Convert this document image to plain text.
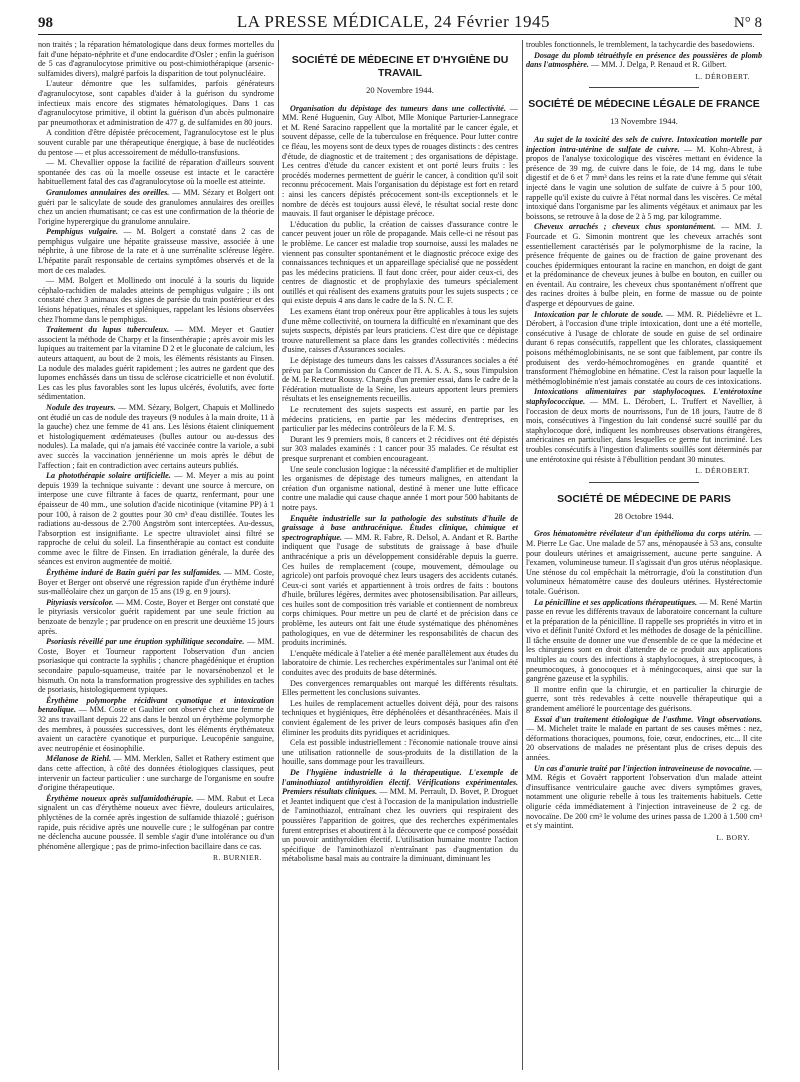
98	LA PRESSE MÉDICALE, 24 Février 1945	N° 8

non traités ; la réparation hématologique dans deux formes mortelles du fait d'une hépato-néphrite et d'une endocardite d'Osler ; enfin la guérison de 5 cas d'agranulocytose primitive ou post-chimiothérapique (arsenic-sulfamides divers), malgré parfois la disparition de tout polynucléaire.

L'auteur démontre que les sulfamides, parfois générateurs d'agranulocytose, sont capables d'aider à la guérison du syndrome infectieux mais encore des stigmates hématologiques. Dans 1 cas d'agranulocytose primitive, il obtint la guérison d'un abcès pulmonaire par pneumothorax et administration de 477 g. de sulfamides en 80 jours.

A condition d'être dépistée précocement, l'agranulocytose est le plus souvent curable par une thérapeutique énergique, à base de nucléotides du pentose — et plus accessoirement de médullo-transfusions.

— M. Chevallier oppose la facilité de réparation d'ailleurs souvent spontanée des cas où la moelle osseuse est intacte et le caractère habituellement fatal des cas d'agranulocytose où la moelle est atteinte.

Granulomes annulaires des oreilles. — MM. Sézary et Bolgert ont guéri par le salicylate de soude des granulomes annulaires des oreilles chez un ancien rhumatisant; ce cas est une confirmation de la théorie de l'origine hyperergique du granulome annulaire.

Pemphigus vulgaire. — M. Bolgert a constaté dans 2 cas de pemphigus vulgaire une hépatite graisseuse massive, associée à une néphrite, à une fibrose de la rate et à une surrénalite scléreuse légère. L'hépatite paraît responsable de certains symptômes observés et de la mort de ces malades.

— MM. Bolgert et Mollinedo ont inoculé à la souris du liquide céphalo-rachidien de malades atteints de pemphigus vulgaire ; ils ont constaté chez 3 animaux des signes de parésie du train postérieur et des lésions hépatiques, rénales et spléniques, rappelant les lésions observées chez l'homme dans le pemphigus.

Traitement du lupus tuberculeux. — MM. Meyer et Gautier associent la méthode de Charpy et la finsenthérapie ; après avoir mis les lupiques au traitement par la vitamine D 2 et le gluconate de calcium, les auteurs attaquent, au bout de 2 mois, les éléments résistants au Finsen. La nodule des malades guérit rapidement ; les autres ne gardent que des lupomes enchâssés dans un tissu de sclérose cicatricielle et non évolutif. Les cas les plus favorables sont les lupus ulcérés, évolutifs, avec forte sédimentation.

Nodule des trayeurs. — MM. Sézary, Bolgert, Chapuis et Mollinedo ont étudié un cas de nodule des trayeurs (9 nodules à la main droite, 11 à la gauche) chez une femme de 41 ans. Les lésions étaient cliniquement et histologiquement œdémateuses (bulles autour ou au-dessus des nodules). La malade, qui n'a jamais été vaccinée contre la variole, a subi avec succès la vaccination jennérienne un mois après le début de l'affection ; fait en contradiction avec certains auteurs publiés.

La photothérapie solaire artificielle. — M. Meyer a mis au point depuis 1939 la technique suivante : devant une source à mercure, on interpose une cuve filtrante à faces de quartz, renfermant, pour une épaisseur de 40 mm., une solution d'acide nicotinique (vitamine PP) à 1 pour 100, à raison de 2 gouttes pour 30 cm³ d'eau distillée. Toutes les radiations au-dessous de 2.700 Angström sont interceptées. Au-dessus, l'absorption est insignifiante. Le spectre ultraviolet ainsi filtré se rapproche de celui du soleil. La finsenthérapie au contact est conduite comme avec le filtre de Finsen. En irradiation générale, la durée des séances est environ augmentée de moitié.

Érythème induré de Bazin guéri par les sulfamides. — MM. Coste, Boyer et Berger ont observé une régression rapide d'un érythème induré sus-malléolaire chez un garçon de 15 ans (19 g. en 9 jours).

Pityriasis versicolor. — MM. Coste, Boyer et Berger ont constaté que le pityriasis versicolor guérit rapidement par une seule friction au benzoate de benzyle ; par prudence on en prescrit une deuxième 15 jours après.

Psoriasis réveillé par une éruption syphilitique secondaire. — MM. Coste, Boyer et Tourneur rapportent l'observation d'un ancien psoriasique qui contracte la syphilis ; chancre phagédénique et éruption secondaire papulo-squameuse, traitée par le novarsénobenzol et le bismuth. On nota la transformation progressive des syphilides en taches de psoriasis, histologiquement typiques.

Érythème polymorphe récidivant cyanotique et intoxication benzolique. — MM. Coste et Gaultier ont observé chez une femme de 32 ans travaillant depuis 22 ans dans le benzol un érythème polymorphe des membres, à poussées successives, dont les éléments érythémateux avaient un caractère cyanotique et purpurique. Leucopénie sanguine, avec neutropénie et éosinophilie.

Mélanose de Riehl. — MM. Merklen, Sallet et Rathery estiment que dans cette affection, à côté des données étiologiques classiques, peut intervenir un facteur particulier : une surcharge de l'organisme en soufre d'origine thérapeutique.

Érythème noueux après sulfamidothérapie. — MM. Rabut et Leca signalent un cas d'érythème noueux avec fièvre, douleurs articulaires, phlyctènes de la cornée après ingestion de sulfamide thiazolé ; guérison rapide, puis récidive après une nouvelle cure ; le sulfogénan par contre ne déclencha aucune poussée. Il semble s'agir d'une intolérance ou d'un phénomène allergique ; pas de primo-infection bacillaire dans ce cas.

R. BURNIER.
SOCIÉTÉ DE MÉDECINE ET D'HYGIÈNE DU TRAVAIL
20 Novembre 1944.

Organisation du dépistage des tumeurs dans une collectivité. — MM. René Huguenin, Guy Albot, Mlle Monique Parturier-Lannegrace et M. René Saracino rappellent que la mortalité par le cancer égale, et souvent dépasse, celle de la tuberculose en fréquence. Pour lutter contre ce fléau, les moyens sont de deux types de rouages distincts : des centres d'étude, de diagnostic et de traitement ; des organisations de dépistage. Les centres d'étude du cancer existent et ont porté leurs fruits : les procédés modernes permettent de guérir le cancer, à condition qu'il soit reconnu précocement. Mais l'organisation du dépistage est fort en retard : ainsi les cancers dépistés précocement sont-ils exceptionnels et le nombre de décès est toujours aussi élevé, le résultat social reste donc mauvais. Il faut organiser le dépistage précoce.

L'éducation du public, la création de caisses d'assurance contre le cancer peuvent jouer un rôle de propagande. Mais celle-ci ne résout pas le problème. Le cancer est maladie trop sournoise, aussi les malades ne viennent pas consulter spontanément et le diagnostic précoce exige des connaissances techniques et un appareillage spécialisé que ne possèdent pas les médecins praticiens. Il faut donc créer, pour aider ceux-ci, des centres de diagnostic et de prophylaxie des tumeurs spécialement outillés et qui réalisent des examens gratuits pour les sujets suspects ; ce qui existe depuis 4 ans dans le cadre de la S. N. C. F.

Les examens étant trop onéreux pour être applicables à tous les sujets d'une même collectivité, on tournera la difficulté en n'examinant que des sujets suspects, dépistés par leurs praticiens. C'est dire que ce dépistage trouve naturellement sa place dans les grandes collectivités : médecins d'usine, caisses d'Assurances sociales.

Le dépistage des tumeurs dans les caisses d'Assurances sociales a été prévu par la Commission du Cancer de l'I. A. S. A. S., sous l'impulsion de M. le Recteur Roussy. Chargés d'un premier essai, dans le cadre de la Fédération mutualiste de la Seine, les auteurs apportent leurs premiers résultats et les enseignements recueillis.

Le recrutement des sujets suspects est assuré, en partie par les médecins praticiens, en partie par les médecins d'entreprises, en particulier par les médecins contrôleurs de la F. M. S.

Durant les 9 premiers mois, 8 cancers et 2 récidives ont été dépistés sur 303 malades examinés : 1 cancer pour 35 malades. Ce résultat est presque surprenant et combien encourageant.

Une seule conclusion logique : la nécessité d'amplifier et de multiplier les organismes de dépistage des tumeurs malignes, en attendant la création d'un organisme national, destiné à mener une lutte efficace contre une maladie qui cause chaque année 1 mort pour 500 habitants de notre pays.

Enquête industrielle sur la pathologie des substituts d'huile de graissage à base anthracénique. Études clinique, chimique et spectrographique. — MM. R. Fabre, R. Delsol, A. Andant et R. Barthe indiquent que l'usage de substituts de graissage à base d'huile anthracénique a pris un développement considérable depuis la guerre. Ces huiles de remplacement (coupe, mouvement, démoulage ou agricole) ont parfois provoqué chez leurs usagers des accidents cutanés. Ceux-ci sont variés et appartiennent à trois ordres de faits : boutons d'huile, brûlures légères, dermites avec photosensibilisation. Par ailleurs, ces huiles sont de composition très variable et contiennent de nombreux corps chimiques. Pour mettre un peu de clarté et de précision dans ce problème, les auteurs ont fait une étude systématique des phénomènes pathologiques, en vue de déterminer les responsabilités de chacun des produits incriminés.

L'enquête médicale à l'atelier a été menée parallèlement aux études du laboratoire de chimie. Les recherches expérimentales sur l'animal ont été conduites avec des produits de base déterminés.

Des convergences remarquables ont marqué les différents résultats. Elles permettent les conclusions suivantes.

Les huiles de remplacement actuelles doivent déjà, pour des raisons techniques et hygiéniques, être déphénolées et désanthracénées. Mais il convient également de les priver de leurs composés basiques afin d'en éliminer les produits dits pyridiques et acridiniques.

Cela est possible industriellement : l'économie nationale trouve ainsi une utilisation rationnelle de sous-produits de la distillation de la houille, sans dommage pour les travailleurs.

De l'hygiène industrielle à la thérapeutique. L'exemple de l'aminothiazol antithyroïdien électif. Vérifications expérimentales. Premiers résultats cliniques. — MM. M. Perrault, D. Bovet, P. Droguet et Jeantet indiquent que c'est à l'occasion de la manipulation industrielle de l'aminothiazol, entraînant chez les ouvriers qui respiraient des poussières l'apparition de goitres, que des recherches expérimentales furent entreprises et aboutirent à la découverte que ce composé possédait un pouvoir antithyroïdien électif. L'utilisation humaine montre l'action spécifique de l'aminothiazol n'entraînant pas d'augmentation du métabolisme basal mais au contraire la diminuant, diminuant les

troubles fonctionnels, le tremblement, la tachycardie des basedowiens.

Dosage du plomb tétraéthyle en présence des poussières de plomb dans l'atmosphère. — MM. J. Delga, P. Renaud et R. Gilbert.

L. DÉROBERT.
SOCIÉTÉ DE MÉDECINE LÉGALE DE FRANCE
13 Novembre 1944.

Au sujet de la toxicité des sels de cuivre. Intoxication mortelle par injection intra-utérine de sulfate de cuivre. — M. Kohn-Abrest, à propos de l'analyse toxicologique des viscères mettant en évidence la présence de 39 mg. de cuivre dans le foie, de 14 mg. dans le tube digestif et de 6 et 7 mm³ dans les reins et la rate d'une femme qui s'était injecté dans le vagin une solution de sulfate de cuivre à 5 pour 100, rappelle qu'il existe du cuivre à l'état normal dans les viscères. Ce métal intoxiqué dans l'organisme par les aliments végétaux et animaux par les boissons, se retrouve à la dose de 2 à 5 mg. par kilogramme.

Cheveux arrachés ; cheveux chus spontanément. — MM. J. Fourcade et G. Simonin montrent que les cheveux arrachés sont essentiellement caractérisés par le polymorphisme de la racine, la présence fréquente de gaines ou de fraction de gaine provenant des couches épidermiques entourant la racine en manchon, en doigt de gant et la prédominance de cheveux jeunes à bulbe en bouton, en cuiller ou en éventail. Au contraire, les cheveux chus spontanément n'offrent que des racines droites à bulbe plein, en forme de massue ou de pointe d'asperge et dépourvues de gaine.

Intoxication par le chlorate de soude. — MM. R. Piédelièvre et L. Dérobert, à l'occasion d'une triple intoxication, dont une a été mortelle, consécutive à l'usage de chlorate de soude en guise de sel ordinaire durant 6 repas consécutifs, rappellent que les chlorates, classiquement poisons méthémoglobinisants, ne se sont que faiblement, par contre ils produisent des verdo-hémochromogènes en grande quantité et transforment l'hémoglobine en hématine. C'est la raison pour laquelle la méthémoglobinémie n'est jamais constatée au cours de ces intoxications.

Intoxications alimentaires par staphylocoques. L'entérotoxine staphylococcique. — MM. L. Dérobert, L. Truffert et Navellier, à l'occasion de deux morts de nourrissons, l'un de 18 jours, l'autre de 8 mois, consécutives à l'ingestion du lait condensé sucré souillé par du staphylocoque doré, indiquent les nombreuses observations étrangères, américaines en particulier, dans lesquelles ce germe fut incriminé. Les troubles consécutifs à l'ingestion d'aliments souillés sont déterminés par une entérotoxine qui résiste à l'ébullition pendant 30 minutes.

L. DÉROBERT.
SOCIÉTÉ DE MÉDECINE DE PARIS
28 Octobre 1944.

Gros hématomètre révélateur d'un épithélioma du corps utérin. — M. Pierre Le Gac. Une malade de 57 ans, ménopausée à 53 ans, consulte pour douleurs utérines et amaigrissement, aucune perte sanguine. A l'examen, volumineuse tumeur. Il s'agissait d'un gros utérus néoplasique. Une sténose du col empêchait la métrorragie, d'où la constitution d'un volumineux hématomètre cause des douleurs utérines. Hystérectomie totale. Guérison.

La pénicilline et ses applications thérapeutiques. — M. René Martin passe en revue les différents travaux de laboratoire concernant la culture et la préparation de la pénicilline. Il rappelle ses propriétés in vitro et in vivo et définit l'unité Oxford et les méthodes de dosage de la pénicilline. Il tâche ensuite de donner une vue d'ensemble de ce que la médecine et les chirurgiens sont en droit d'attendre de ce produit aux applications multiples au cours des infections à staphylocoques, à streptocoques, à pneumocoques, à gonocoques et à méningocoques, ainsi que sur la gangrène gazeuse et la syphilis.

Il montre enfin que la chirurgie, et en particulier la chirurgie de guerre, sont très redevables à cette nouvelle thérapeutique qui a grandement amélioré le pourcentage des guérisons.

Essai d'un traitement étiologique de l'asthme. Vingt observations. — M. Michelet traite le malade en partant de ses causes mêmes : nez, déformations thoraciques, poumons, foie, cœur, endocrines, etc... Il cite 20 observations de malades ne présentant plus de crises depuis des années.

Un cas d'anurie traité par l'injection intraveineuse de novocaïne. — MM. Régis et Govaërt rapportent l'observation d'un malade atteint d'insuffisance ventriculaire gauche avec divers symptômes graves, notamment une oligurie rebelle à tous les traitements habituels. Cette oligurie céda immédiatement à l'injection intraveineuse de 2 cg. de novocaïne. De 200 cm³ le volume des urines passa de 1.200 à 1.500 cm³ et s'y maintint.

L. BORY.
